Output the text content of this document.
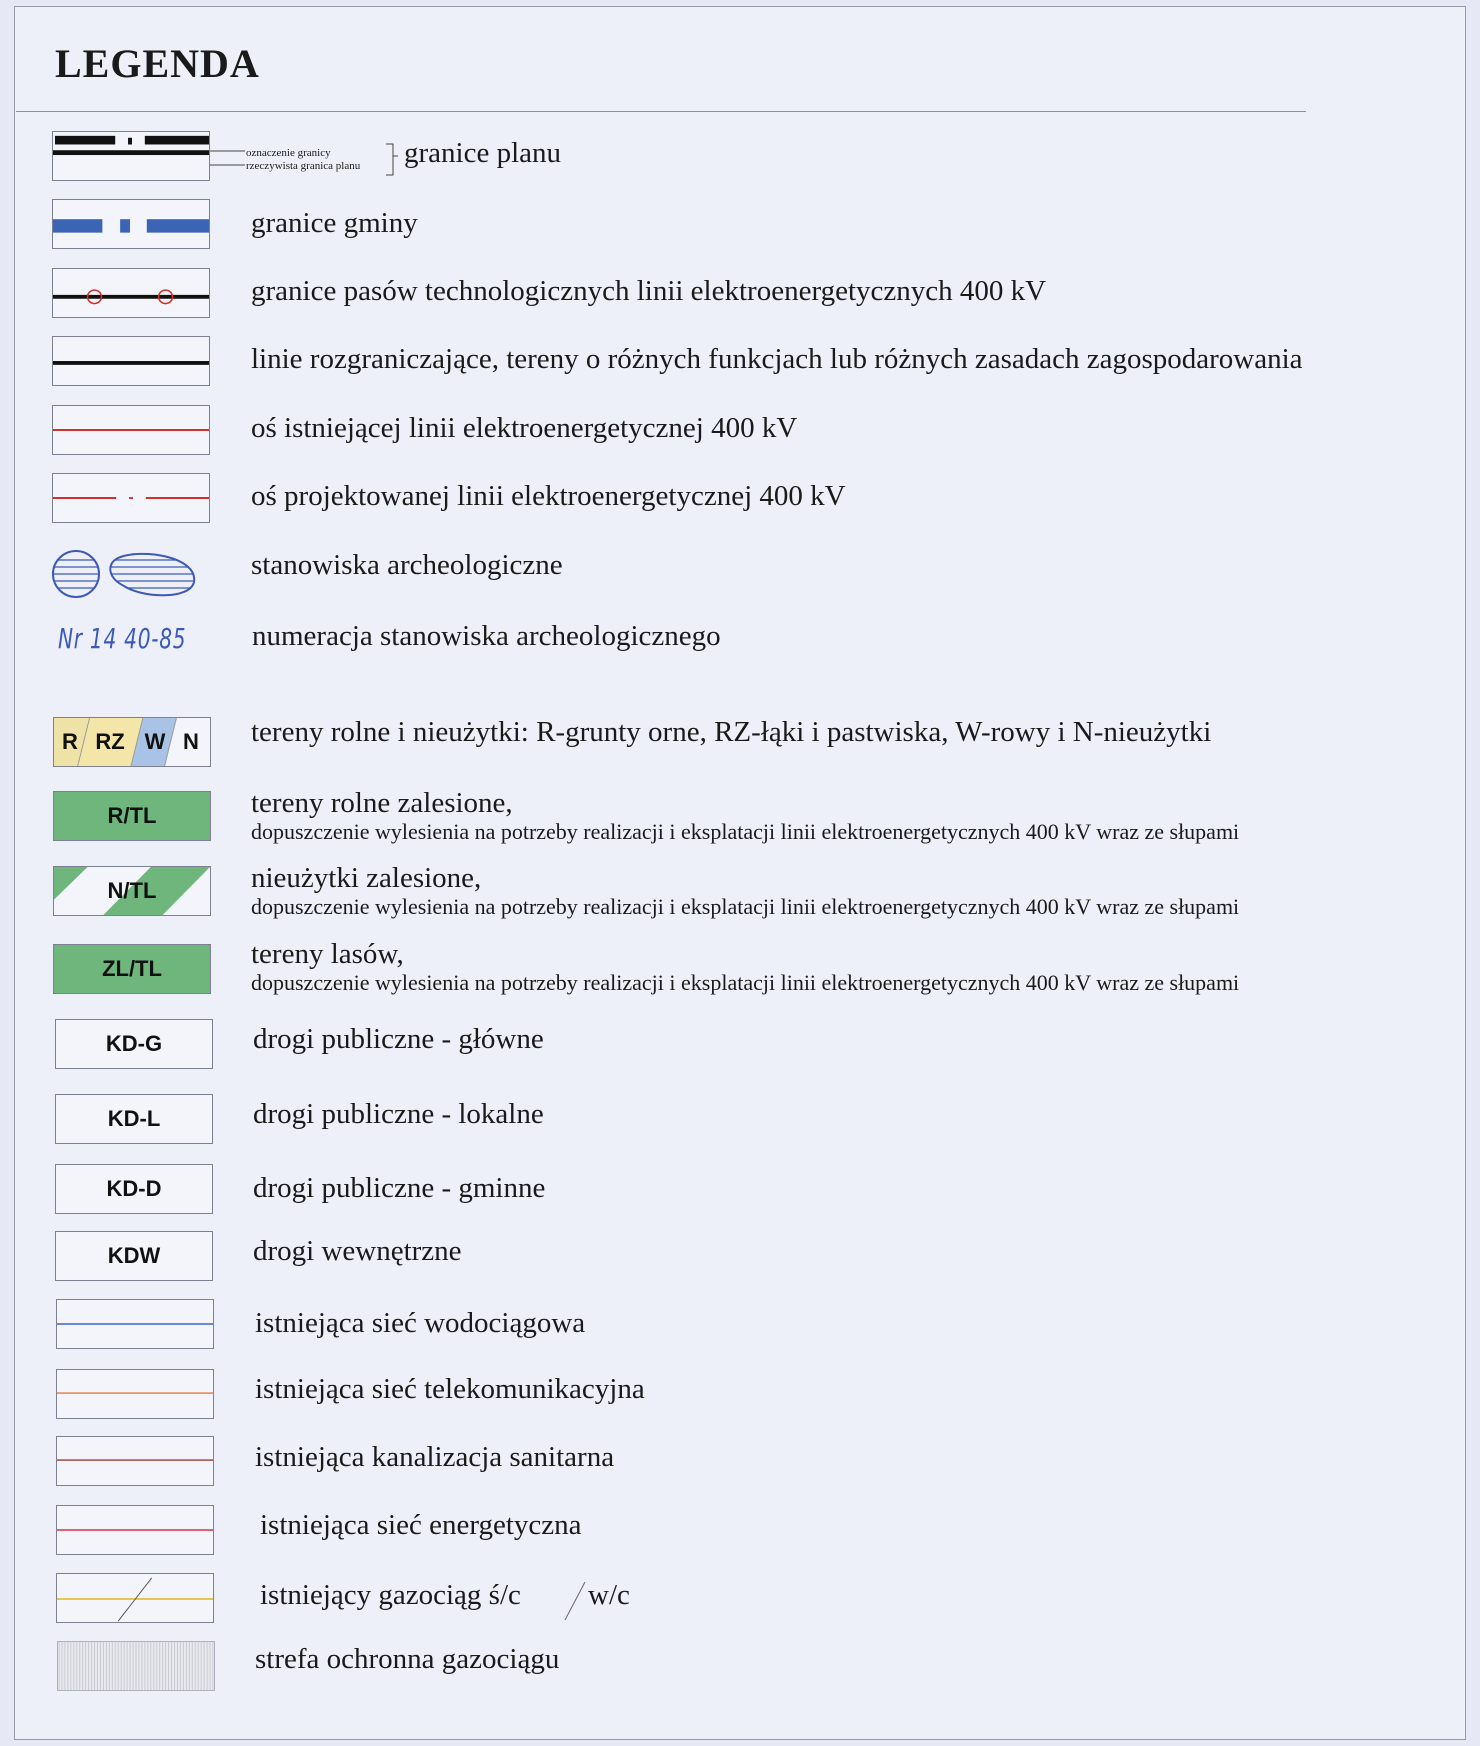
LEGENDA
oznaczenie granicy
rzeczywista granica planu granice planu
granice gminy
granice pasów technologicznych linii elektroenergetycznych 400 kV
linie rozgraniczające, tereny o różnych funkcjach lub różnych zasadach zagospodarowania
oś istniejącej linii elektroenergetycznej 400 kV
oś projektowanej linii elektroenergetycznej 400 kV
stanowiska archeologiczne
Nr 14 40-85 numeracja stanowiska archeologicznego
R RZ W N	tereny rolne i nieużytki: R-grunty orne, RZ-łąki i pastwiska, W-rowy i N-nieużytki
R/TL	tereny rolne zalesione,
dopuszczenie wylesienia na potrzeby realizacji i eksplatacji linii elektroenergetycznych 400 kV wraz ze słupami
N/TL	nieużytki zalesione,
dopuszczenie wylesienia na potrzeby realizacji i eksplatacji linii elektroenergetycznych 400 kV wraz ze słupami
ZL/TL	tereny lasów,
dopuszczenie wylesienia na potrzeby realizacji i eksplatacji linii elektroenergetycznych 400 kV wraz ze słupami
KD-G	drogi publiczne - główne
KD-L	drogi publiczne - lokalne
KD-D	drogi publiczne - gminne
KDW	drogi wewnętrzne
istniejąca sieć wodociągowa
istniejąca sieć telekomunikacyjna
istniejąca kanalizacja sanitarna
istniejąca sieć energetyczna
istniejący gazociąg ś/c w/c
strefa ochronna gazociągu
